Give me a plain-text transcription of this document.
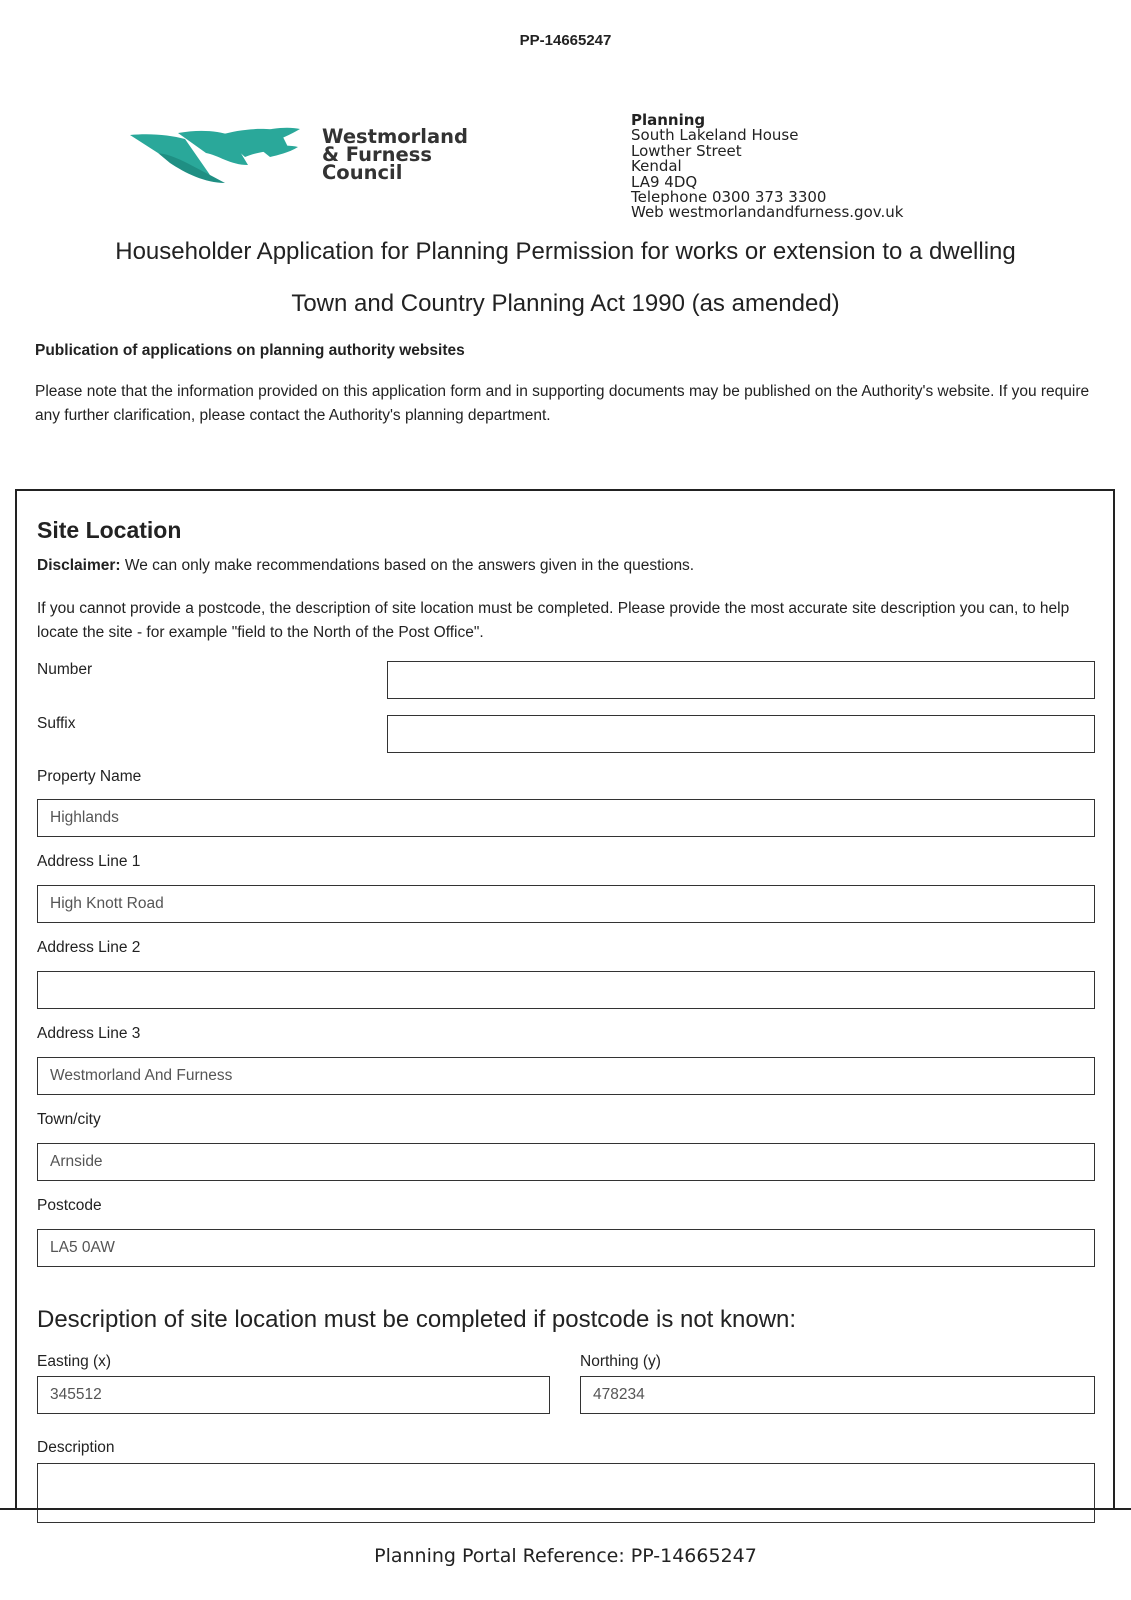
PP-14665247
Westmorland
& Furness
Council
Planning
South Lakeland House
Lowther Street
Kendal
LA9 4DQ
Telephone 0300 373 3300
Web westmorlandandfurness.gov.uk
Householder Application for Planning Permission for works or extension to a dwelling
Town and Country Planning Act 1990 (as amended)
Publication of applications on planning authority websites
Please note that the information provided on this application form and in supporting documents may be published on the Authority's website. If you require any further clarification, please contact the Authority's planning department.
Site Location
Disclaimer: We can only make recommendations based on the answers given in the questions.
If you cannot provide a postcode, the description of site location must be completed. Please provide the most accurate site description you can, to help locate the site - for example "field to the North of the Post Office".
Number
Suffix
Property Name
Highlands
Address Line 1
High Knott Road
Address Line 2
Address Line 3
Westmorland And Furness
Town/city
Arnside
Postcode
LA5 0AW
Description of site location must be completed if postcode is not known:
Easting (x)
345512
Northing (y)
478234
Description
Planning Portal Reference: PP-14665247
